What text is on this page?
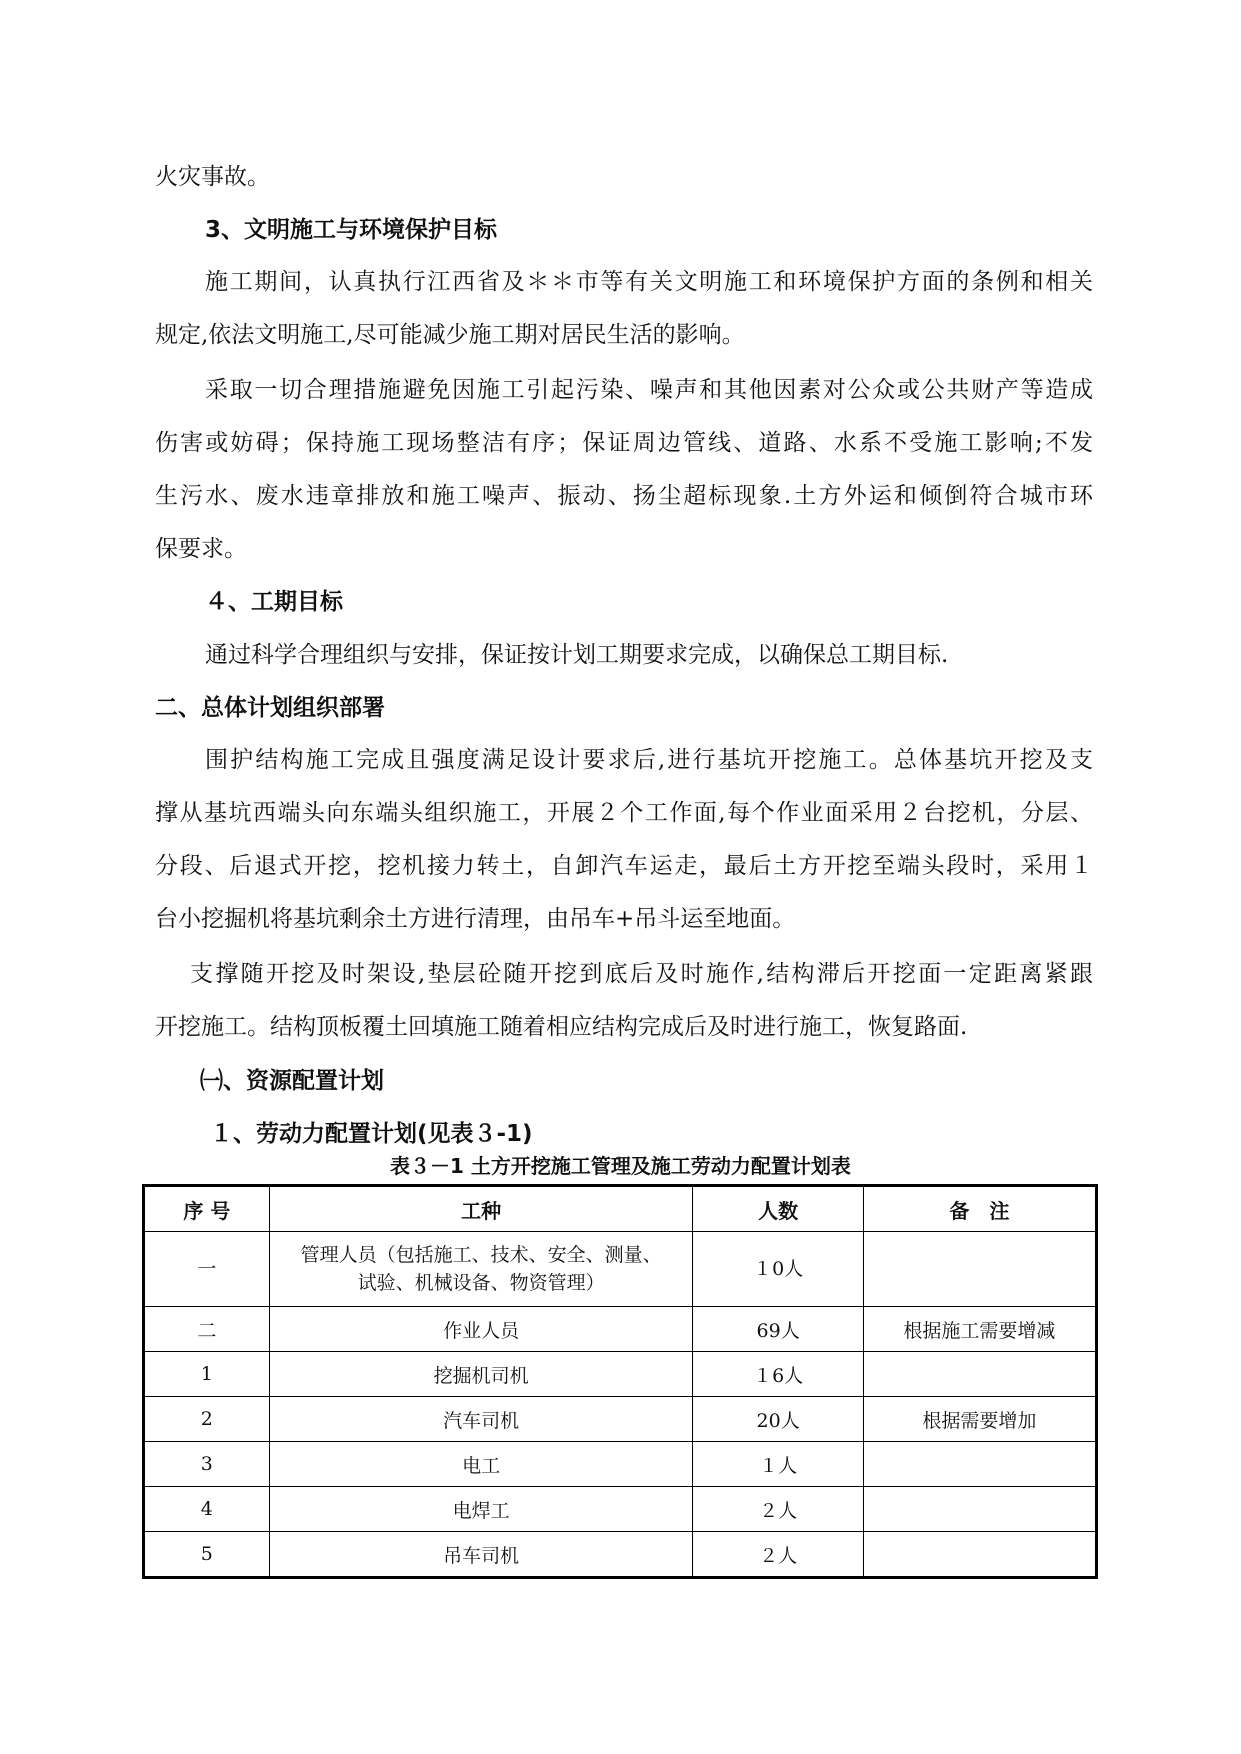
火灾事故。
3、文明施工与环境保护目标
施工期间，认真执行江西省及＊＊市等有关文明施工和环境保护方面的条例和相关
规定,依法文明施工,尽可能减少施工期对居民生活的影响。
采取一切合理措施避免因施工引起污染、噪声和其他因素对公众或公共财产等造成
伤害或妨碍；保持施工现场整洁有序；保证周边管线、道路、水系不受施工影响;不发
生污水、废水违章排放和施工噪声、振动、扬尘超标现象.土方外运和倾倒符合城市环
保要求。
４、工期目标
通过科学合理组织与安排，保证按计划工期要求完成，以确保总工期目标.
二、总体计划组织部署
围护结构施工完成且强度满足设计要求后,进行基坑开挖施工。总体基坑开挖及支
撑从基坑西端头向东端头组织施工，开展２个工作面,每个作业面采用２台挖机，分层、
分段、后退式开挖，挖机接力转土，自卸汽车运走，最后土方开挖至端头段时，采用１
台小挖掘机将基坑剩余土方进行清理，由吊车+吊斗运至地面。
支撑随开挖及时架设,垫层砼随开挖到底后及时施作,结构滞后开挖面一定距离紧跟
开挖施工。结构顶板覆土回填施工随着相应结构完成后及时进行施工，恢复路面.
㈠、资源配置计划
１、劳动力配置计划(见表３-1)
表３－1 土方开挖施工管理及施工劳动力配置计划表
序 号	工种	人数	备　注
一	管理人员（包括施工、技术、安全、测量、
试验、机械设备、物资管理）	１0人	
二	作业人员	69人	根据施工需要增减
1	挖掘机司机	１6人	
2	汽车司机	20人	根据需要增加
3	电工	１人	
4	电焊工	２人	
5	吊车司机	２人	
